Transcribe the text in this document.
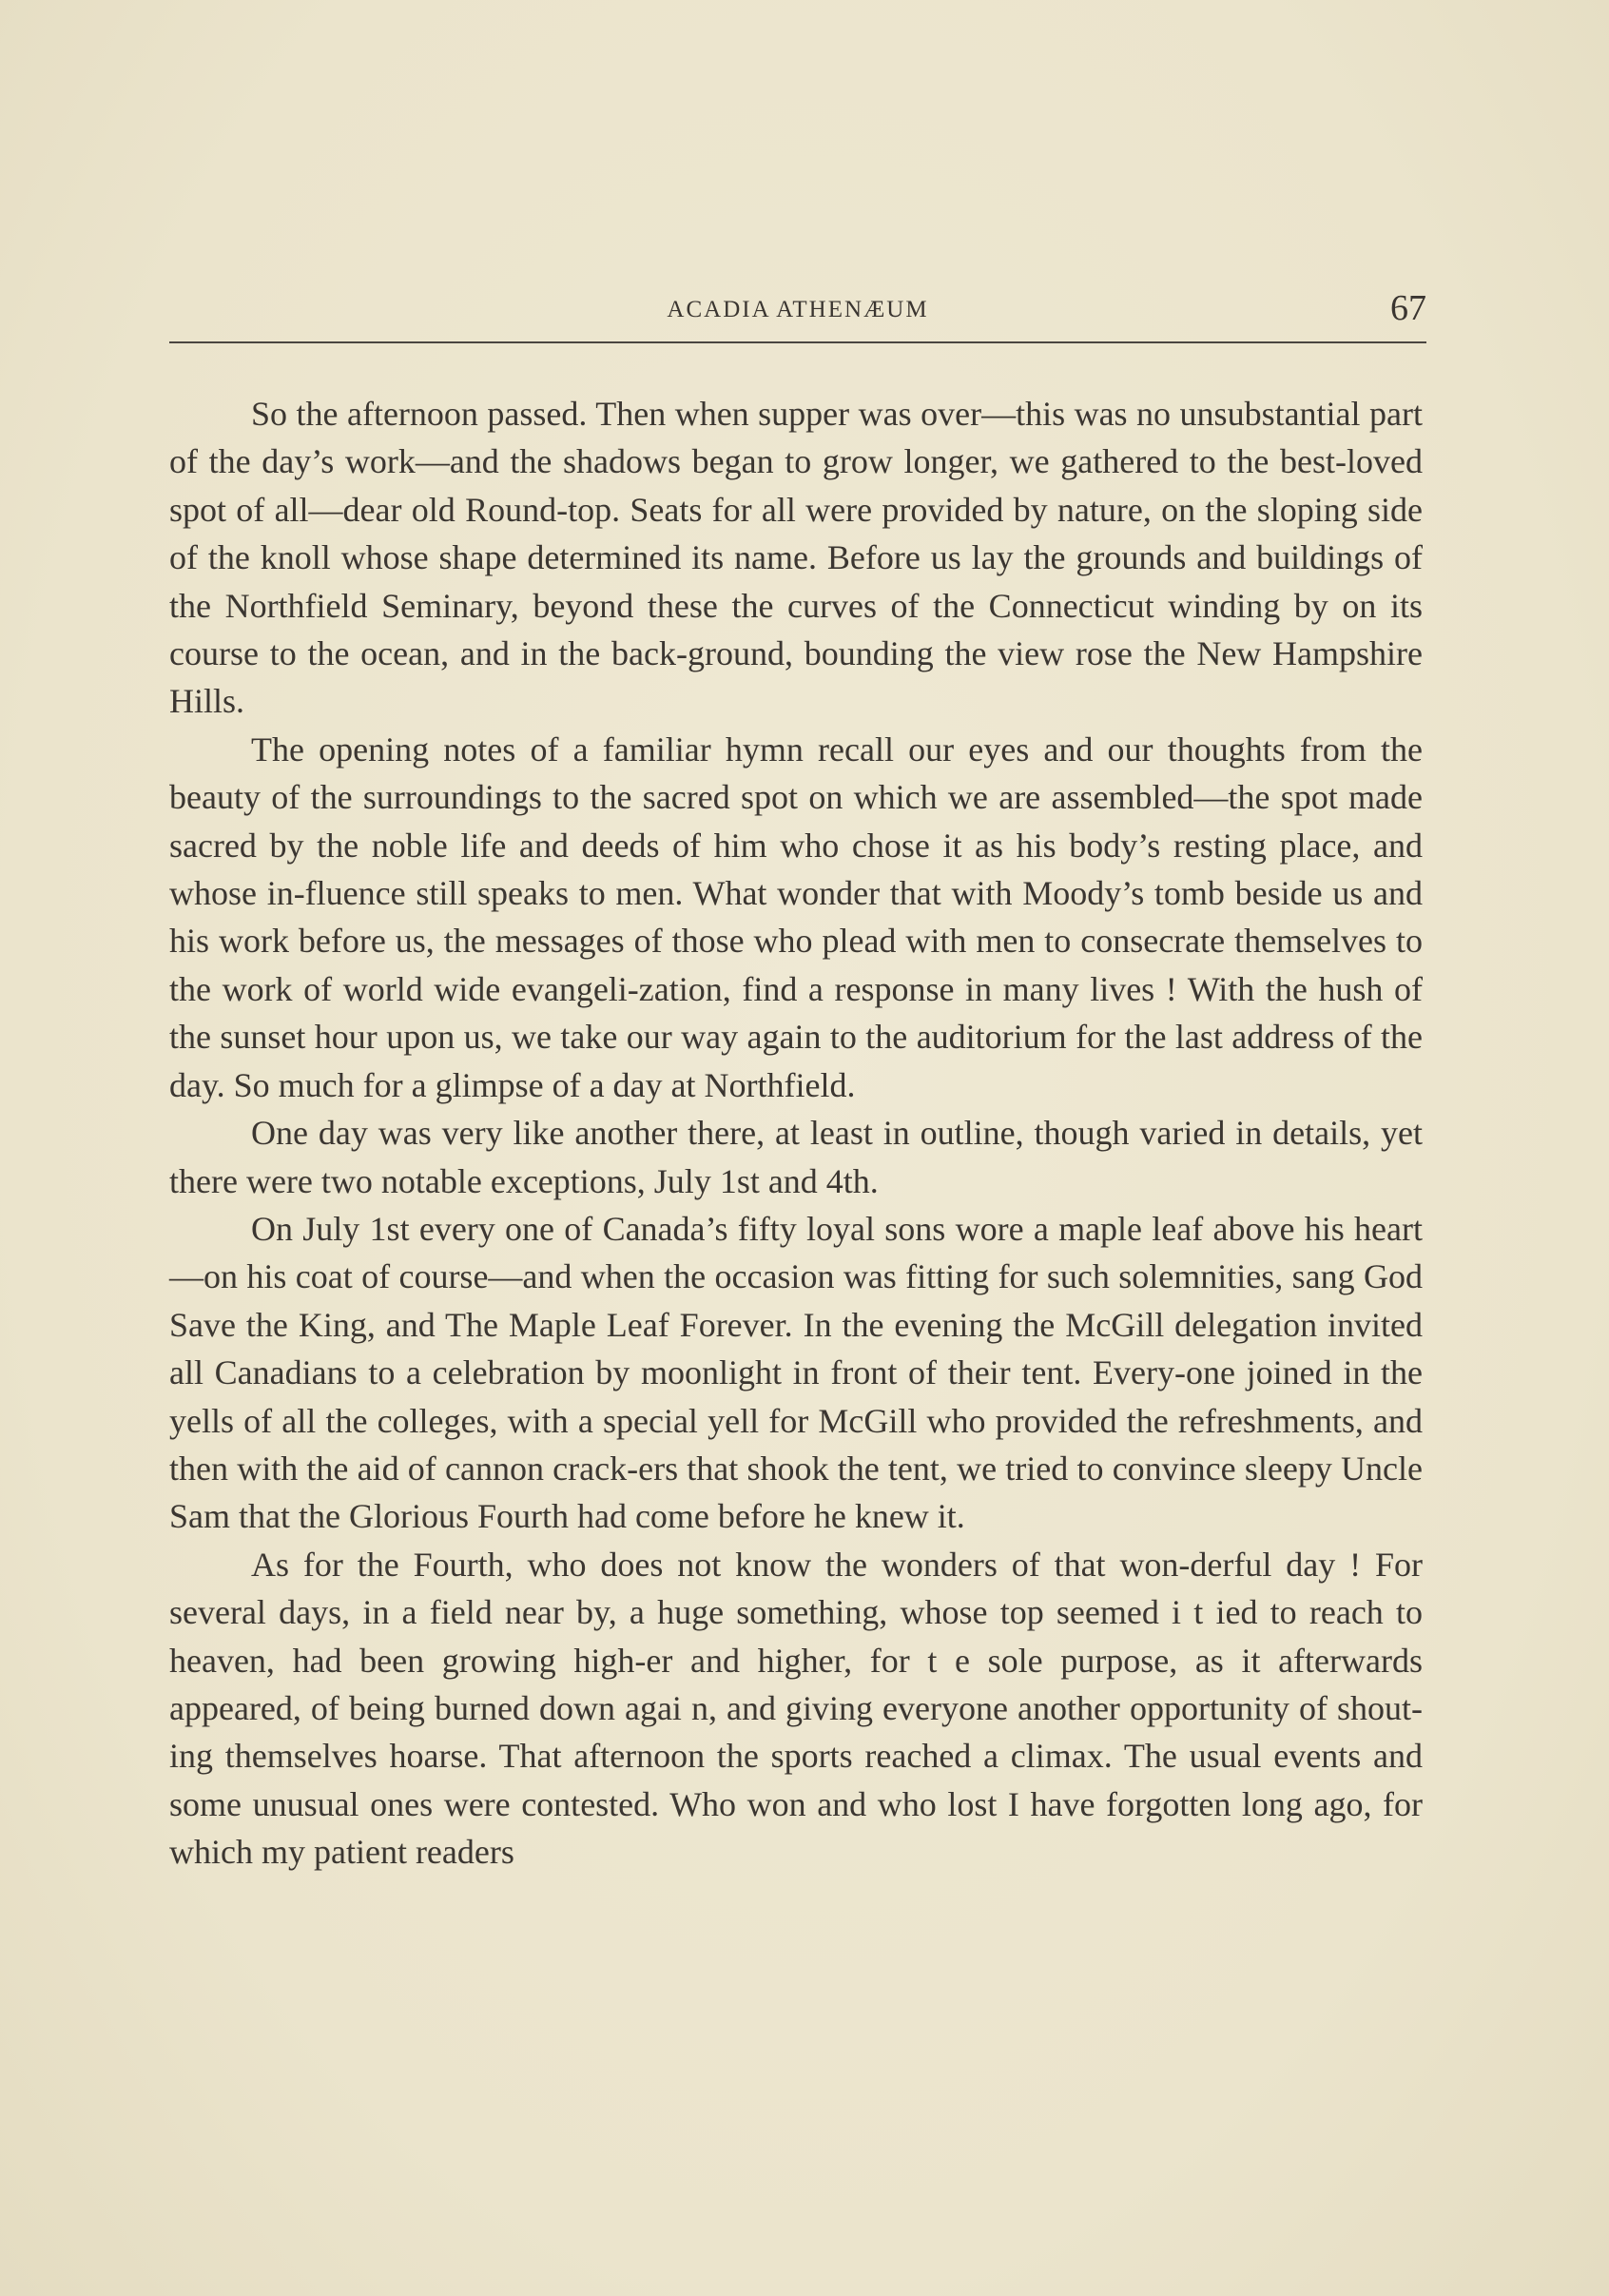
ACADIA ATHENÆUM	67

So the afternoon passed. Then when supper was over—this was no unsubstantial part of the day’s work—and the shadows began to grow longer, we gathered to the best-loved spot of all—dear old Round-top. Seats for all were provided by nature, on the sloping side of the knoll whose shape determined its name. Before us lay the grounds and buildings of the Northfield Seminary, beyond these the curves of the Connecticut winding by on its course to the ocean, and in the back-ground, bounding the view rose the New Hampshire Hills.

The opening notes of a familiar hymn recall our eyes and our thoughts from the beauty of the surroundings to the sacred spot on which we are assembled—the spot made sacred by the noble life and deeds of him who chose it as his body’s resting place, and whose in-fluence still speaks to men. What wonder that with Moody’s tomb beside us and his work before us, the messages of those who plead with men to consecrate themselves to the work of world wide evangeli-zation, find a response in many lives ! With the hush of the sunset hour upon us, we take our way again to the auditorium for the last address of the day. So much for a glimpse of a day at Northfield.

One day was very like another there, at least in outline, though varied in details, yet there were two notable exceptions, July 1st and 4th.

On July 1st every one of Canada’s fifty loyal sons wore a maple leaf above his heart—on his coat of course—and when the occasion was fitting for such solemnities, sang God Save the King, and The Maple Leaf Forever. In the evening the McGill delegation invited all Canadians to a celebration by moonlight in front of their tent. Every-one joined in the yells of all the colleges, with a special yell for McGill who provided the refreshments, and then with the aid of cannon crack-ers that shook the tent, we tried to convince sleepy Uncle Sam that the Glorious Fourth had come before he knew it.

As for the Fourth, who does not know the wonders of that won-derful day ! For several days, in a field near by, a huge something, whose top seemed i t ied to reach to heaven, had been growing high-er and higher, for t e sole purpose, as it afterwards appeared, of being burned down agai n, and giving everyone another opportunity of shout-ing themselves hoarse. That afternoon the sports reached a climax. The usual events and some unusual ones were contested. Who won and who lost I have forgotten long ago, for which my patient readers
